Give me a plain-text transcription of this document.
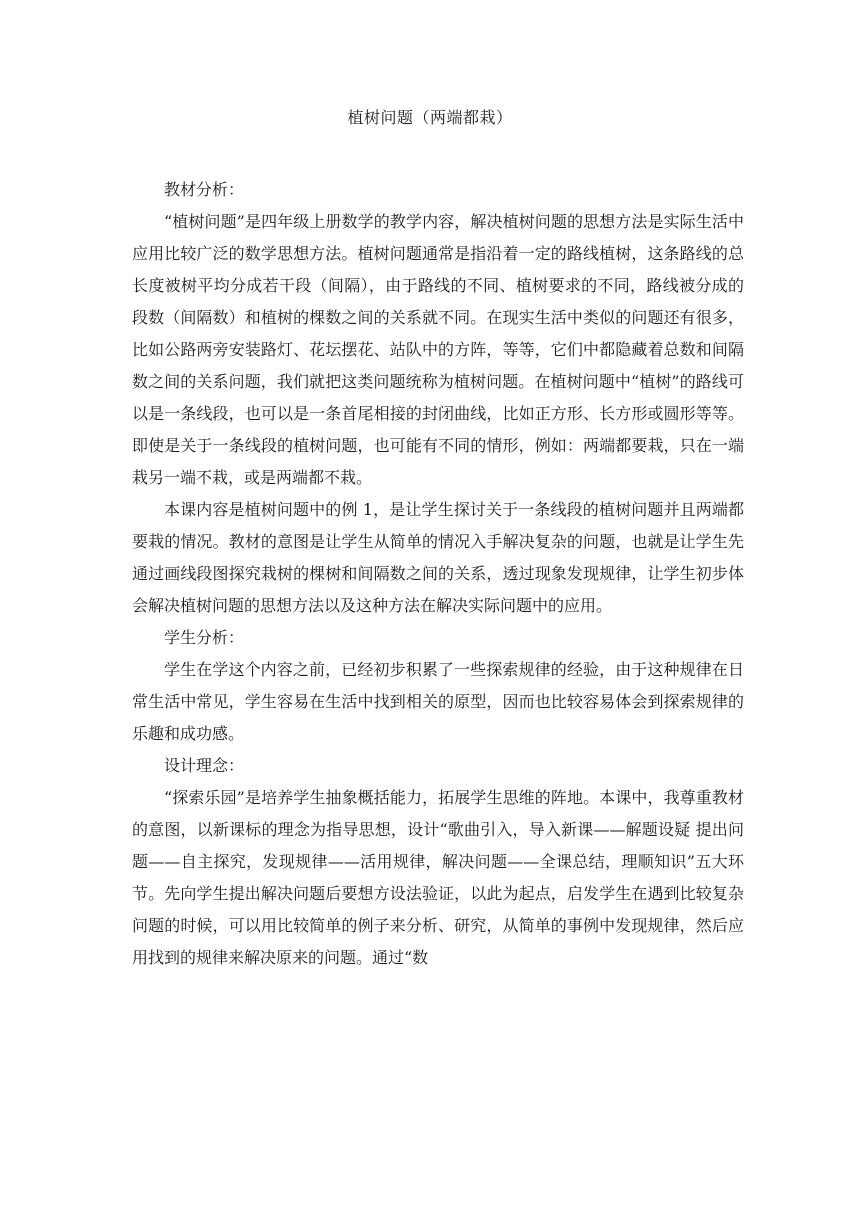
植树问题（两端都栽）

教材分析：

“植树问题”是四年级上册数学的教学内容，解决植树问题的思想方法是实际生活中应用比较广泛的数学思想方法。植树问题通常是指沿着一定的路线植树，这条路线的总长度被树平均分成若干段（间隔），由于路线的不同、植树要求的不同，路线被分成的段数（间隔数）和植树的棵数之间的关系就不同。在现实生活中类似的问题还有很多，比如公路两旁安装路灯、花坛摆花、站队中的方阵，等等，它们中都隐藏着总数和间隔数之间的关系问题，我们就把这类问题统称为植树问题。在植树问题中“植树”的路线可以是一条线段，也可以是一条首尾相接的封闭曲线，比如正方形、长方形或圆形等等。即使是关于一条线段的植树问题，也可能有不同的情形，例如：两端都要栽，只在一端栽另一端不栽，或是两端都不栽。

本课内容是植树问题中的例 1，是让学生探讨关于一条线段的植树问题并且两端都要栽的情况。教材的意图是让学生从简单的情况入手解决复杂的问题，也就是让学生先通过画线段图探究栽树的棵树和间隔数之间的关系，透过现象发现规律，让学生初步体会解决植树问题的思想方法以及这种方法在解决实际问题中的应用。

学生分析：

学生在学这个内容之前，已经初步积累了一些探索规律的经验，由于这种规律在日常生活中常见，学生容易在生活中找到相关的原型，因而也比较容易体会到探索规律的乐趣和成功感。

设计理念：

“探索乐园”是培养学生抽象概括能力，拓展学生思维的阵地。本课中，我尊重教材的意图，以新课标的理念为指导思想，设计“歌曲引入，导入新课——解题设疑 提出问题——自主探究，发现规律——活用规律，解决问题——全课总结，理顺知识”五大环节。先向学生提出解决问题后要想方设法验证，以此为起点，启发学生在遇到比较复杂问题的时候，可以用比较简单的例子来分析、研究，从简单的事例中发现规律，然后应用找到的规律来解决原来的问题。通过“数
